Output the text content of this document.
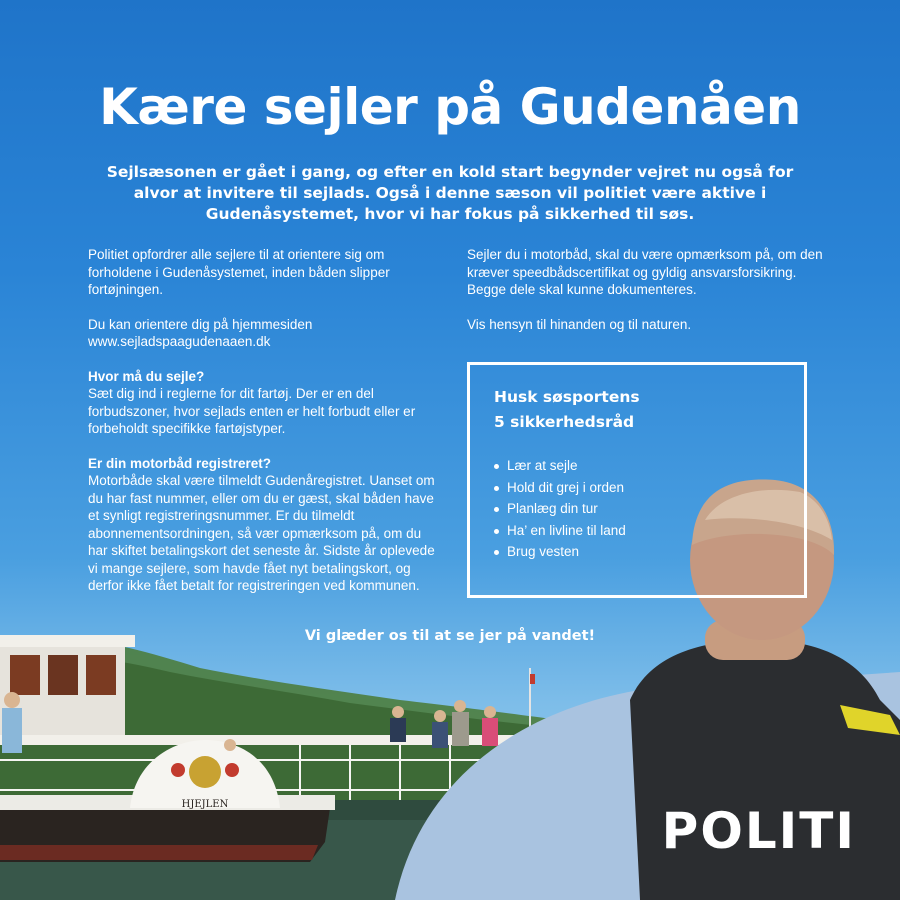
Kære sejler på Gudenåen

Sejlsæsonen er gået i gang, og efter en kold start begynder vejret nu også for alvor at invitere til sejlads. Også i denne sæson vil politiet være aktive i Gudenåsystemet, hvor vi har fokus på sikkerhed til søs.

Politiet opfordrer alle sejlere til at orientere sig om forholdene i Gudenåsystemet, inden båden slipper fortøjningen.

Du kan orientere dig på hjemmesiden
www.sejladspaagudenaaen.dk

Hvor må du sejle?

Sæt dig ind i reglerne for dit fartøj. Der er en del forbudszoner, hvor sejlads enten er helt forbudt eller er forbeholdt specifikke fartøjstyper.

Er din motorbåd registreret?

Motorbåde skal være tilmeldt Gudenåregistret. Uanset om du har fast nummer, eller om du er gæst, skal båden have et synligt registreringsnummer. Er du tilmeldt abonnementsordningen, så vær opmærksom på, om du har skiftet betalingskort det seneste år. Sidste år oplevede vi mange sejlere, som havde fået nyt betalingskort, og derfor ikke fået betalt for registreringen ved kommunen.

Sejler du i motorbåd, skal du være opmærksom på, om den kræver speedbådscertifikat og gyldig ansvarsforsikring. Begge dele skal kunne dokumenteres.

Vis hensyn til hinanden og til naturen.

Husk søsportens
5 sikkerhedsråd
Lær at sejle
Hold dit grej i orden
Planlæg din tur
Ha’ en livline til land
Brug vesten
Vi glæder os til at se jer på vandet!
HJEJLEN	POLITI
